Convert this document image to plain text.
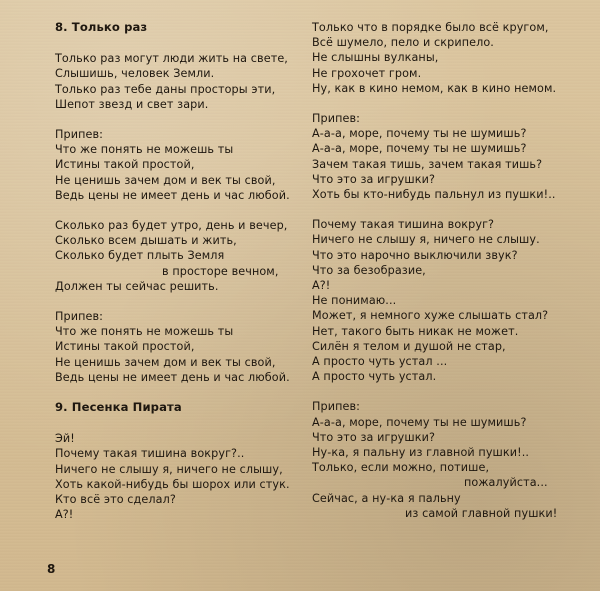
8. Только раз
Только раз могут люди жить на свете,
Слышишь, человек Земли.
Только раз тебе даны просторы эти,
Шепот звезд и свет зари.
Припев:
Что же понять не можешь ты
Истины такой простой,
Не ценишь зачем дом и век ты свой,
Ведь цены не имеет день и час любой.
Сколько раз будет утро, день и вечер,
Сколько всем дышать и жить,
Сколько будет плыть Земля
в просторе вечном,
Должен ты сейчас решить.
Припев:
Что же понять не можешь ты
Истины такой простой,
Не ценишь зачем дом и век ты свой,
Ведь цены не имеет день и час любой.
9. Песенка Пирата
Эй!
Почему такая тишина вокруг?..
Ничего не слышу я, ничего не слышу,
Хоть какой-нибудь бы шорох или стук.
Кто всё это сделал?
А?!
Только что в порядке было всё кругом,
Всё шумело, пело и скрипело.
Не слышны вулканы,
Не грохочет гром.
Ну, как в кино немом, как в кино немом.
Припев:
А-а-а, море, почему ты не шумишь?
А-а-а, море, почему ты не шумишь?
Зачем такая тишь, зачем такая тишь?
Что это за игрушки?
Хоть бы кто-нибудь пальнул из пушки!..
Почему такая тишина вокруг?
Ничего не слышу я, ничего не слышу.
Что это нарочно выключили звук?
Что за безобразие,
А?!
Не понимаю...
Может, я немного хуже слышать стал?
Нет, такого быть никак не может.
Силён я телом и душой не стар,
А просто чуть устал ...
А просто чуть устал.
Припев:
А-а-а, море, почему ты не шумишь?
Что это за игрушки?
Ну-ка, я пальну из главной пушки!..
Только, если можно, потише,
пожалуйста...
Сейчас, а ну-ка я пальну
из самой главной пушки!
8
